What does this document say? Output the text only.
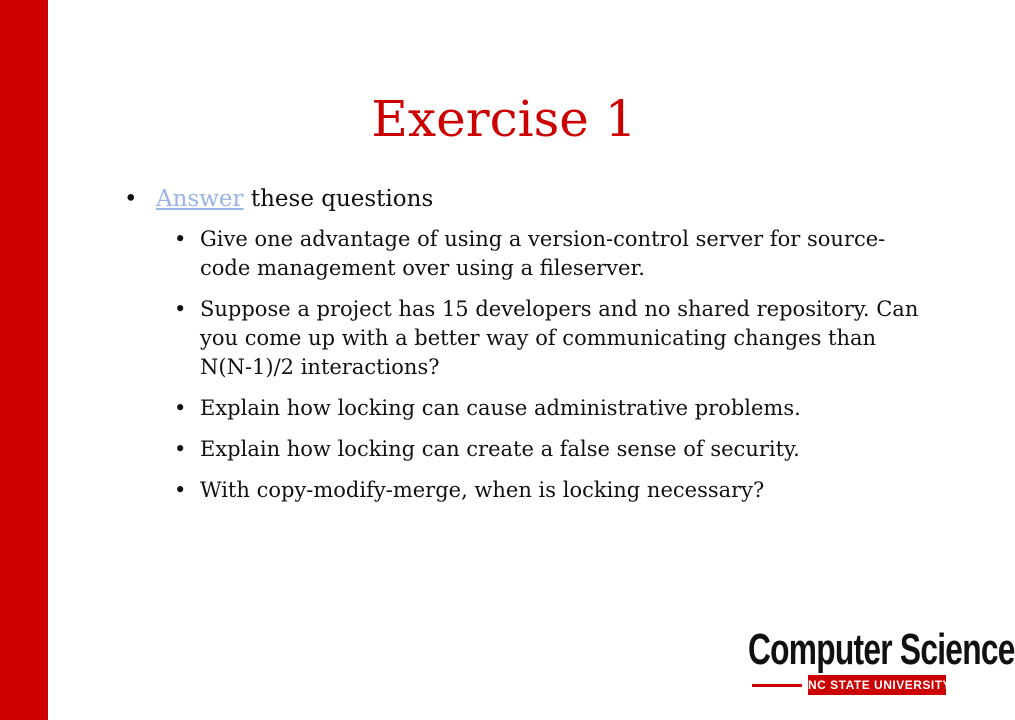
Exercise 1
• Answer these questions
• Give one advantage of using a version-control server for source-code management over using a fileserver.
• Suppose a project has 15 developers and no shared repository. Can you come up with a better way of communicating changes than N(N-1)/2 interactions?
• Explain how locking can cause administrative problems.
• Explain how locking can create a false sense of security.
• With copy-modify-merge, when is locking necessary?
Computer Science
NC STATE UNIVERSITY
